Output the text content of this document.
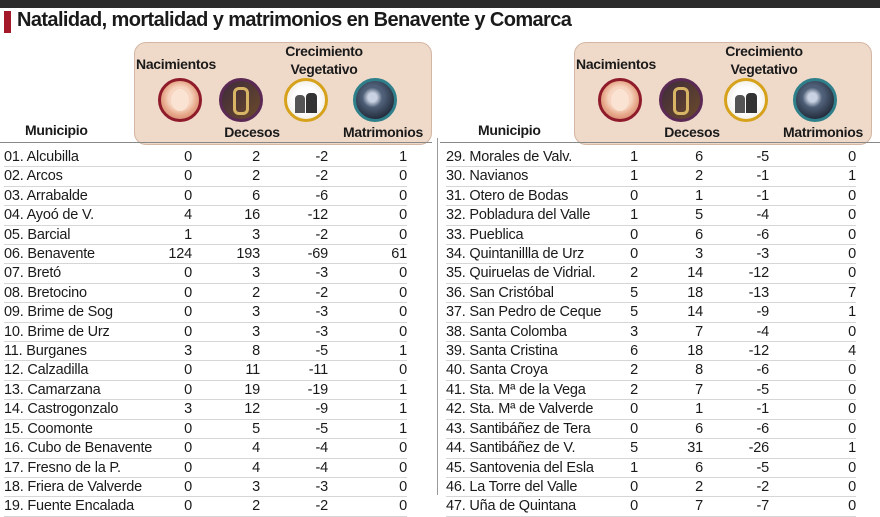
Natalidad, mortalidad y matrimonios en Benavente y Comarca
Nacimientos
Crecimiento
Vegetativo
Decesos	Matrimonios
Municipio
01. Alcubilla	0	2	-2	1
02. Arcos	0	2	-2	0
03. Arrabalde	0	6	-6	0
04. Ayoó de V.	4	16	-12	0
05. Barcial	1	3	-2	0
06. Benavente	124	193	-69	61
07. Bretó	0	3	-3	0
08. Bretocino	0	2	-2	0
09. Brime de Sog	0	3	-3	0
10. Brime de Urz	0	3	-3	0
11. Burganes	3	8	-5	1
12. Calzadilla	0	11	-11	0
13. Camarzana	0	19	-19	1
14. Castrogonzalo	3	12	-9	1
15. Coomonte	0	5	-5	1
16. Cubo de Benavente	0	4	-4	0
17. Fresno de la P.	0	4	-4	0
18. Friera de Valverde	0	3	-3	0
19. Fuente Encalada	0	2	-2	0
Nacimientos
Crecimiento
Vegetativo
Decesos	Matrimonios
Municipio
29. Morales de Valv.	1	6	-5	0
30. Navianos	1	2	-1	1
31. Otero de Bodas	0	1	-1	0
32. Pobladura del Valle	1	5	-4	0
33. Pueblica	0	6	-6	0
34. Quintanillla de Urz	0	3	-3	0
35. Quiruelas de Vidrial.	2	14	-12	0
36. San Cristóbal	5	18	-13	7
37. San Pedro de Ceque	5	14	-9	1
38. Santa Colomba	3	7	-4	0
39. Santa Cristina	6	18	-12	4
40. Santa Croya	2	8	-6	0
41. Sta. Mª de la Vega	2	7	-5	0
42. Sta. Mª de Valverde	0	1	-1	0
43. Santibáñez de Tera	0	6	-6	0
44. Santibáñez de V.	5	31	-26	1
45. Santovenia del Esla	1	6	-5	0
46. La Torre del Valle	0	2	-2	0
47. Uña de Quintana	0	7	-7	0
